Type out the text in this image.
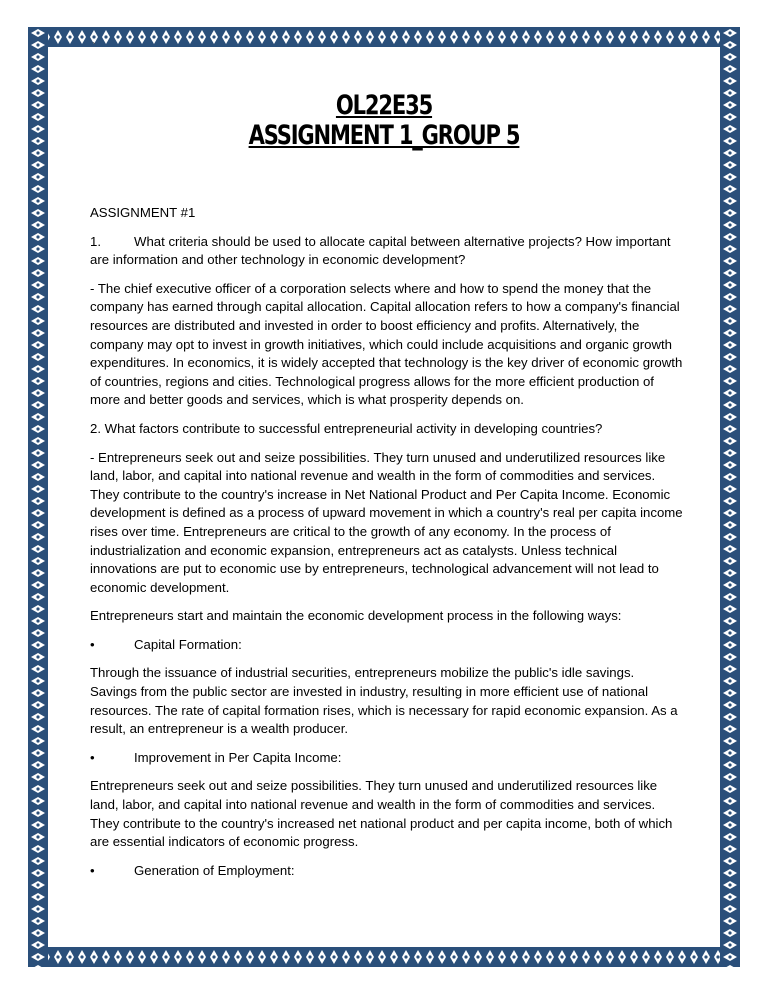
`
OL22E35
ASSIGNMENT 1_GROUP 5

ASSIGNMENT #1

1.	What criteria should be used to allocate capital between alternative projects? How important are information and other technology in economic development?

- The chief executive officer of a corporation selects where and how to spend the money that the company has earned through capital allocation. Capital allocation refers to how a company's financial resources are distributed and invested in order to boost efficiency and profits. Alternatively, the company may opt to invest in growth initiatives, which could include acquisitions and organic growth expenditures. In economics, it is widely accepted that technology is the key driver of economic growth of countries, regions and cities. Technological progress allows for the more efficient production of more and better goods and services, which is what prosperity depends on.

2. What factors contribute to successful entrepreneurial activity in developing countries?

- Entrepreneurs seek out and seize possibilities. They turn unused and underutilized resources like land, labor, and capital into national revenue and wealth in the form of commodities and services. They contribute to the country's increase in Net National Product and Per Capita Income. Economic development is defined as a process of upward movement in which a country's real per capita income rises over time. Entrepreneurs are critical to the growth of any economy. In the process of industrialization and economic expansion, entrepreneurs act as catalysts. Unless technical innovations are put to economic use by entrepreneurs, technological advancement will not lead to economic development.

Entrepreneurs start and maintain the economic development process in the following ways:

•	Capital Formation:

Through the issuance of industrial securities, entrepreneurs mobilize the public's idle savings. Savings from the public sector are invested in industry, resulting in more efficient use of national resources. The rate of capital formation rises, which is necessary for rapid economic expansion. As a result, an entrepreneur is a wealth producer.

•	Improvement in Per Capita Income:

Entrepreneurs seek out and seize possibilities. They turn unused and underutilized resources like land, labor, and capital into national revenue and wealth in the form of commodities and services. They contribute to the country's increased net national product and per capita income, both of which are essential indicators of economic progress.

•	Generation of Employment:
